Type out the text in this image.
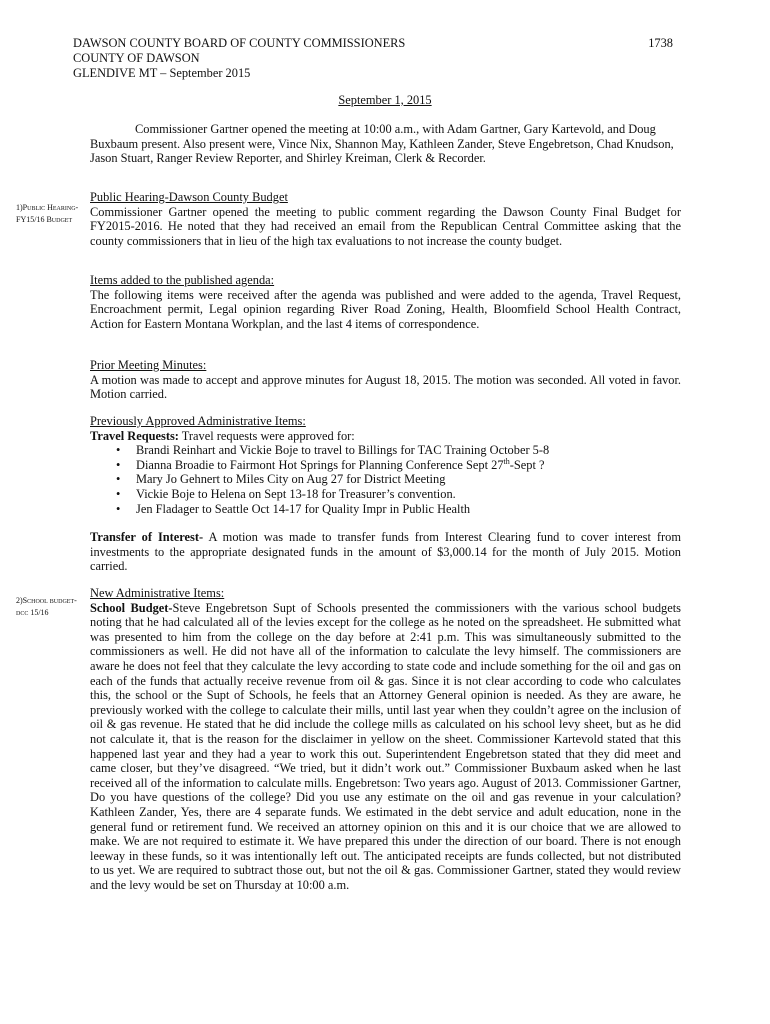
DAWSON COUNTY BOARD OF COUNTY COMMISSIONERS
COUNTY OF DAWSON
GLENDIVE MT – September 2015
1738
September 1, 2015

Commissioner Gartner opened the meeting at 10:00 a.m., with Adam Gartner, Gary Kartevold, and Doug Buxbaum present. Also present were, Vince Nix, Shannon May, Kathleen Zander, Steve Engebretson, Chad Knudson, Jason Stuart, Ranger Review Reporter, and Shirley Kreiman, Clerk & Recorder.

1)Public Hearing-FY15/16 Budget

Public Hearing-Dawson County Budget

Commissioner Gartner opened the meeting to public comment regarding the Dawson County Final Budget for FY2015-2016. He noted that they had received an email from the Republican Central Committee asking that the county commissioners that in lieu of the high tax evaluations to not increase the county budget.

Items added to the published agenda:

The following items were received after the agenda was published and were added to the agenda, Travel Request, Encroachment permit, Legal opinion regarding River Road Zoning, Health, Bloomfield School Health Contract, Action for Eastern Montana Workplan, and the last 4 items of correspondence.

Prior Meeting Minutes:

A motion was made to accept and approve minutes for August 18, 2015. The motion was seconded. All voted in favor. Motion carried.

Previously Approved Administrative Items:

Travel Requests: Travel requests were approved for:

• Brandi Reinhart and Vickie Boje to travel to Billings for TAC Training October 5-8
• Dianna Broadie to Fairmont Hot Springs for Planning Conference Sept 27th-Sept ?
• Mary Jo Gehnert to Miles City on Aug 27 for District Meeting
• Vickie Boje to Helena on Sept 13-18 for Treasurer’s convention.
• Jen Fladager to Seattle Oct 14-17 for Quality Impr in Public Health

Transfer of Interest- A motion was made to transfer funds from Interest Clearing fund to cover interest from investments to the appropriate designated funds in the amount of $3,000.14 for the month of July 2015. Motion carried.

2)School budget-dcc 15/16

New Administrative Items:

School Budget-Steve Engebretson Supt of Schools presented the commissioners with the various school budgets noting that he had calculated all of the levies except for the college as he noted on the spreadsheet. He submitted what was presented to him from the college on the day before at 2:41 p.m. This was simultaneously submitted to the commissioners as well. He did not have all of the information to calculate the levy himself. The commissioners are aware he does not feel that they calculate the levy according to state code and include something for the oil and gas on each of the funds that actually receive revenue from oil & gas. Since it is not clear according to code who calculates this, the school or the Supt of Schools, he feels that an Attorney General opinion is needed. As they are aware, he previously worked with the college to calculate their mills, until last year when they couldn’t agree on the inclusion of oil & gas revenue. He stated that he did include the college mills as calculated on his school levy sheet, but as he did not calculate it, that is the reason for the disclaimer in yellow on the sheet. Commissioner Kartevold stated that this happened last year and they had a year to work this out. Superintendent Engebretson stated that they did meet and came closer, but they’ve disagreed. “We tried, but it didn’t work out.” Commissioner Buxbaum asked when he last received all of the information to calculate mills. Engebretson: Two years ago. August of 2013. Commissioner Gartner, Do you have questions of the college? Did you use any estimate on the oil and gas revenue in your calculation? Kathleen Zander, Yes, there are 4 separate funds. We estimated in the debt service and adult education, none in the general fund or retirement fund. We received an attorney opinion on this and it is our choice that we are allowed to make. We are not required to estimate it. We have prepared this under the direction of our board. There is not enough leeway in these funds, so it was intentionally left out. The anticipated receipts are funds collected, but not distributed to us yet. We are required to subtract those out, but not the oil & gas. Commissioner Gartner, stated they would review and the levy would be set on Thursday at 10:00 a.m.
